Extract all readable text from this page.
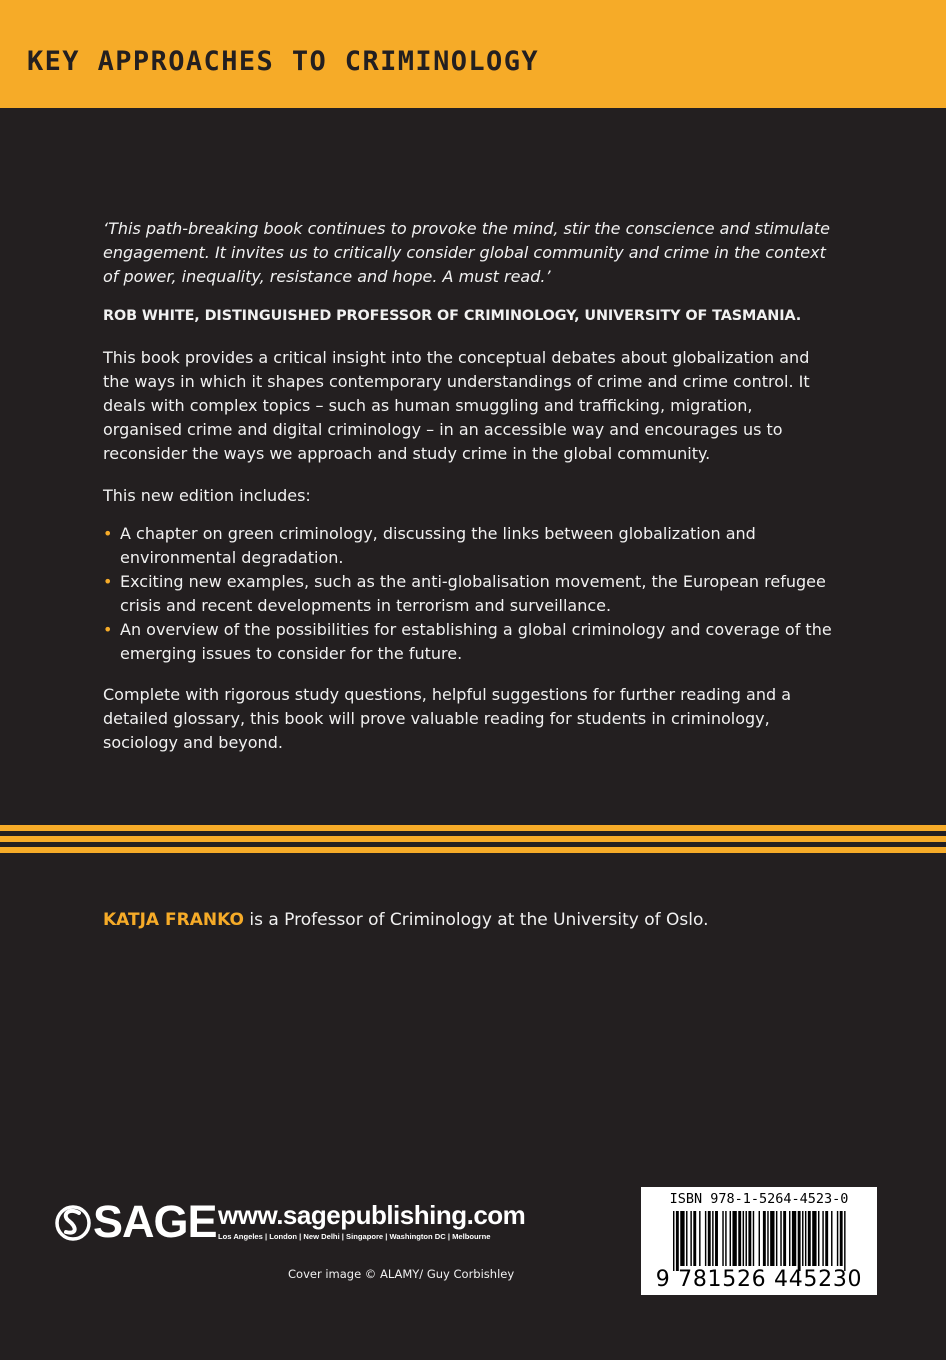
KEY APPROACHES TO CRIMINOLOGY

‘This path-breaking book continues to provoke the mind, stir the conscience and stimulate engagement. It invites us to critically consider global community and crime in the context of power, inequality, resistance and hope. A must read.’

ROB WHITE, DISTINGUISHED PROFESSOR OF CRIMINOLOGY, UNIVERSITY OF TASMANIA.

This book provides a critical insight into the conceptual debates about globalization and the ways in which it shapes contemporary understandings of crime and crime control. It deals with complex topics – such as human smuggling and trafficking, migration, organised crime and digital criminology – in an accessible way and encourages us to reconsider the ways we approach and study crime in the global community.

This new edition includes:

• A chapter on green criminology, discussing the links between globalization and environmental degradation.
• Exciting new examples, such as the anti-globalisation movement, the European refugee crisis and recent developments in terrorism and surveillance.
• An overview of the possibilities for establishing a global criminology and coverage of the emerging issues to consider for the future.

Complete with rigorous study questions, helpful suggestions for further reading and a detailed glossary, this book will prove valuable reading for students in criminology, sociology and beyond.

KATJA FRANKO is a Professor of Criminology at the University of Oslo.

SAGE www.sagepublishing.com

Los Angeles | London | New Delhi | Singapore | Washington DC | Melbourne

Cover image © ALAMY/ Guy Corbishley

ISBN 978-1-5264-4523-0

9 781526 445230
